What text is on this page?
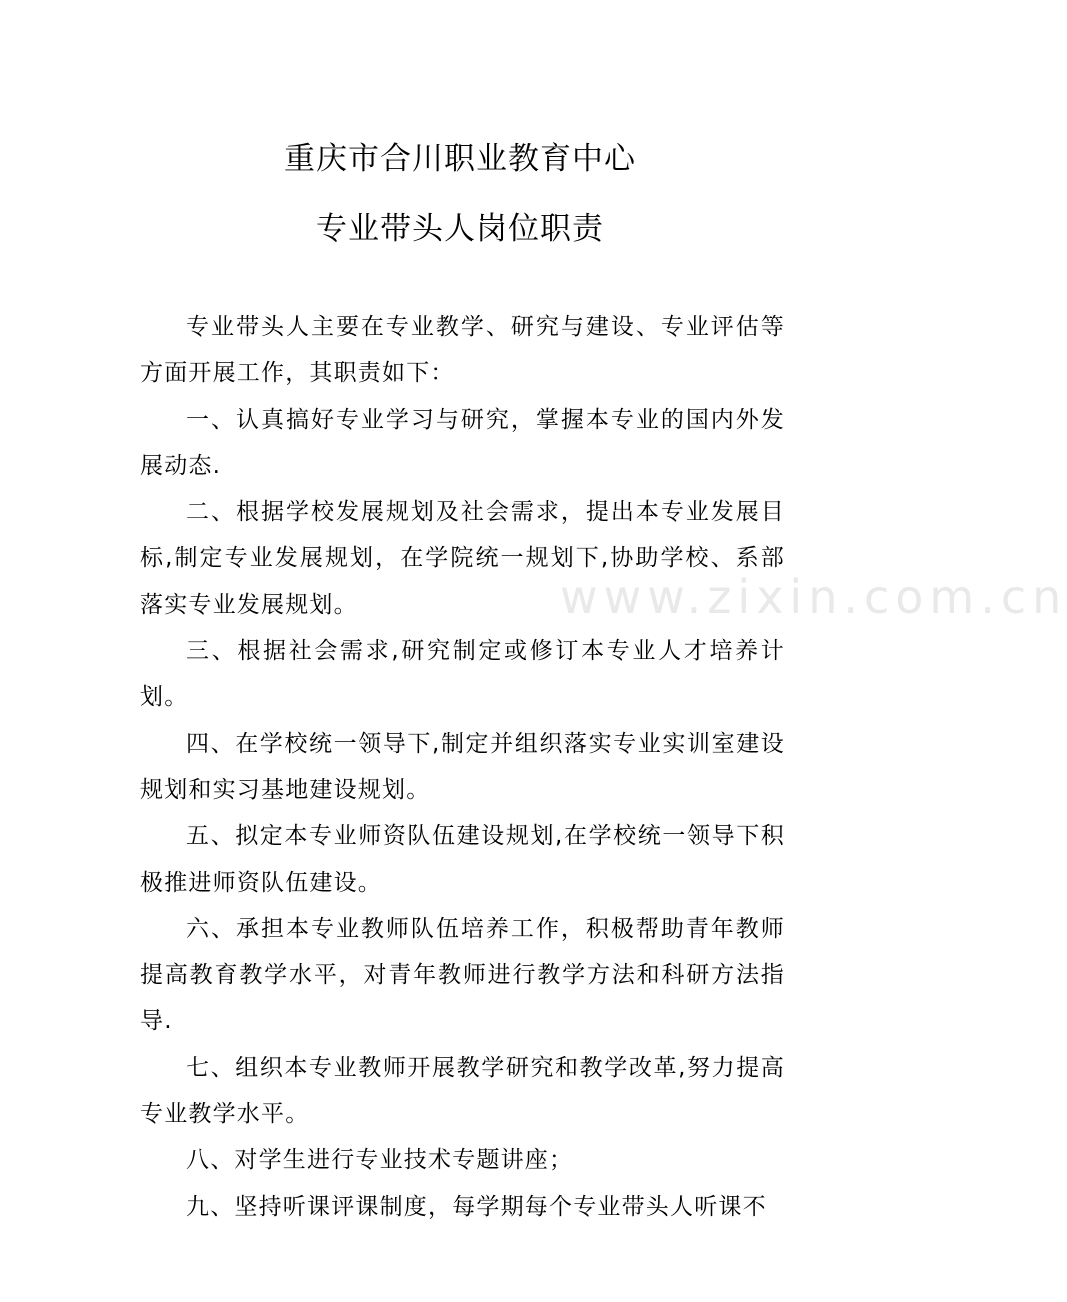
www.zixin.com.cn
重庆市合川职业教育中心
专业带头人岗位职责

专业带头人主要在专业教学、研究与建设、专业评估等方面开展工作，其职责如下：

一、认真搞好专业学习与研究，掌握本专业的国内外发展动态.

二、根据学校发展规划及社会需求，提出本专业发展目标,制定专业发展规划，在学院统一规划下,协助学校、系部落实专业发展规划。

三、根据社会需求,研究制定或修订本专业人才培养计划。

四、在学校统一领导下,制定并组织落实专业实训室建设规划和实习基地建设规划。

五、拟定本专业师资队伍建设规划,在学校统一领导下积极推进师资队伍建设。

六、承担本专业教师队伍培养工作，积极帮助青年教师提高教育教学水平，对青年教师进行教学方法和科研方法指导.

七、组织本专业教师开展教学研究和教学改革,努力提高专业教学水平。

八、对学生进行专业技术专题讲座；

九、坚持听课评课制度，每学期每个专业带头人听课不
